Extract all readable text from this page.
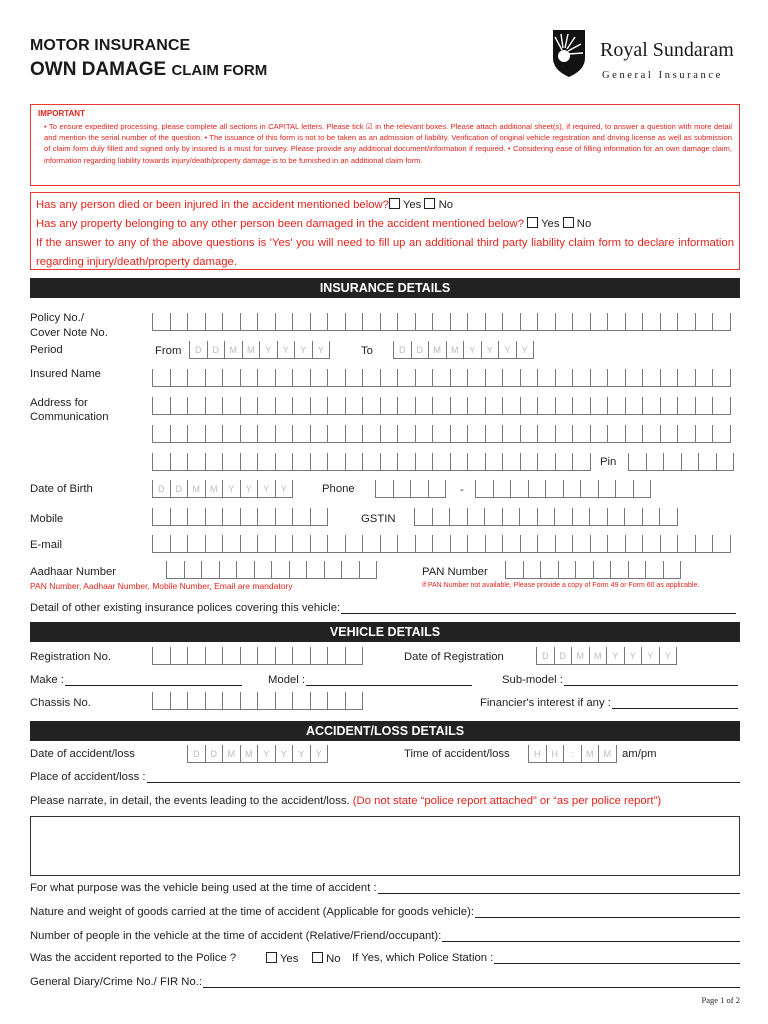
MOTOR INSURANCE
OWN DAMAGE CLAIM FORM
Royal Sundaram
General Insurance
IMPORTANT
• To ensure expedited processing, please complete all sections in CAPITAL letters. Please tick ☑ in the relevant boxes. Please attach additional sheet(s), if required, to answer a question with more detail and mention the serial number of the question. • The issuance of this form is not to be taken as an admission of liability. Verification of original vehicle registration and driving license as well as submission of claim form duly filled and signed only by insured is a must for survey. Please provide any additional document/information if required. • Considering ease of filling information for an own damage claim, information regarding liability towards injury/death/property damage is to be furnished in an additional claim form.
Has any person died or been injured in the accident mentioned below? Yes No
Has any property belonging to any other person been damaged in the accident mentioned below? Yes No
If the answer to any of the above questions is 'Yes' you will need to fill up an additional third party liability claim form to declare information regarding injury/death/property damage.
INSURANCE DETAILS
Policy No./
Cover Note No.
Period	From	D	D	M	M	Y	Y	Y	Y	To	D	D	M	M	Y	Y	Y	Y
Insured Name
Address for
Communication
Pin
Date of Birth	D	D	M	M	Y	Y	Y	Y	Phone	-
Mobile	GSTIN
E-mail
Aadhaar Number	PAN Number
PAN Number, Aadhaar Number, Mobile Number, Email are mandatory	If PAN Number not available, Please provide a copy of Form 49 or Form 60 as applicable.
Detail of other existing insurance polices covering this vehicle:
VEHICLE DETAILS
Registration No.	Date of Registration	D	D	M	M	Y	Y	Y	Y
Make :	Model :	Sub-model :
Chassis No.	Financier's interest if any :
ACCIDENT/LOSS DETAILS
Date of accident/loss	D	D	M	M	Y	Y	Y	Y	Time of accident/loss	H	H	:	M	M am/pm
Place of accident/loss :
Please narrate, in detail, the events leading to the accident/loss. (Do not state “police report attached” or “as per police report”)
For what purpose was the vehicle being used at the time of accident :
Nature and weight of goods carried at the time of accident (Applicable for goods vehicle):
Number of people in the vehicle at the time of accident (Relative/Friend/occupant):
Was the accident reported to the Police ?	Yes	No If Yes, which Police Station :
General Diary/Crime No./ FIR No.:
Page 1 of 2
